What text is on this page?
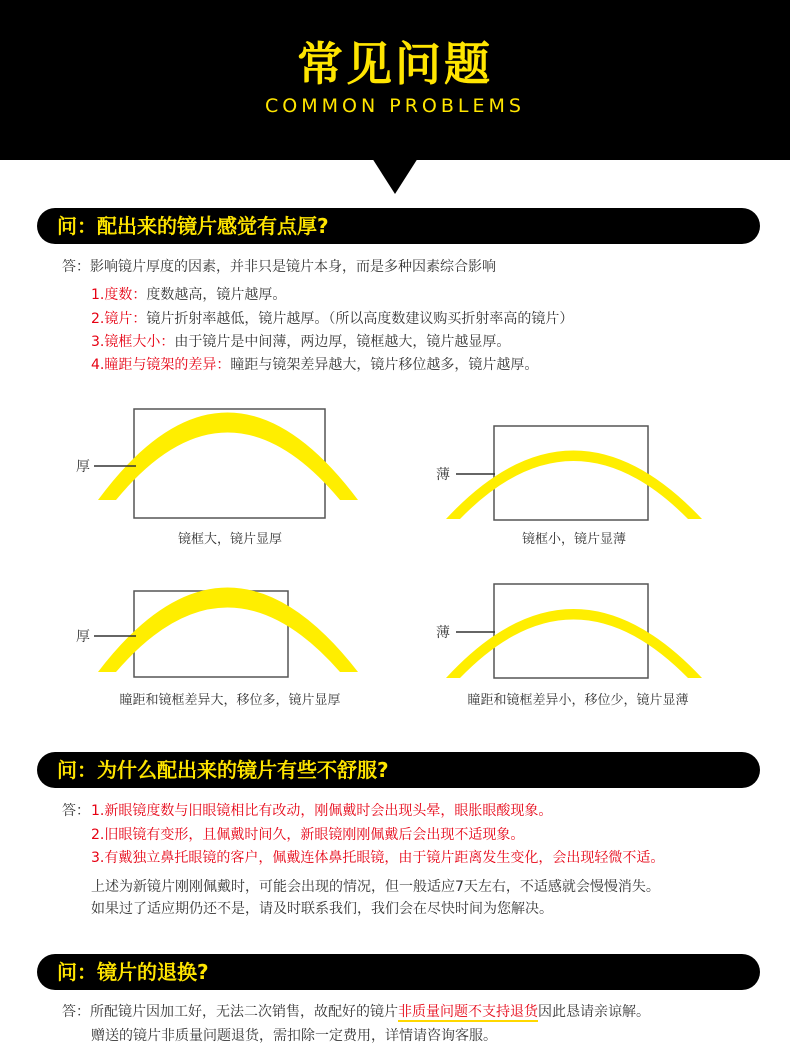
常见问题
COMMON PROBLEMS
问：配出来的镜片感觉有点厚?
答：影响镜片厚度的因素，并非只是镜片本身，而是多种因素综合影响
1.度数：度数越高，镜片越厚。
2.镜片：镜片折射率越低，镜片越厚。（所以高度数建议购买折射率高的镜片）
3.镜框大小：由于镜片是中间薄，两边厚，镜框越大，镜片越显厚。
4.瞳距与镜架的差异：瞳距与镜架差异越大，镜片移位越多，镜片越厚。
厚	薄
厚	薄
镜框大，镜片显厚	镜框小，镜片显薄
瞳距和镜框差异大，移位多，镜片显厚	瞳距和镜框差异小，移位少，镜片显薄
问：为什么配出来的镜片有些不舒服?
答： 1.新眼镜度数与旧眼镜相比有改动，刚佩戴时会出现头晕，眼胀眼酸现象。
2.旧眼镜有变形，且佩戴时间久，新眼镜刚刚佩戴后会出现不适现象。
3.有戴独立鼻托眼镜的客户，佩戴连体鼻托眼镜，由于镜片距离发生变化，会出现轻微不适。
上述为新镜片刚刚佩戴时，可能会出现的情况，但一般适应7天左右，不适感就会慢慢消失。
如果过了适应期仍还不是，请及时联系我们，我们会在尽快时间为您解决。
问：镜片的退换?
答：所配镜片因加工好，无法二次销售，故配好的镜片非质量问题不支持退货因此恳请亲谅解。
赠送的镜片非质量问题退货，需扣除一定费用，详情请咨询客服。
